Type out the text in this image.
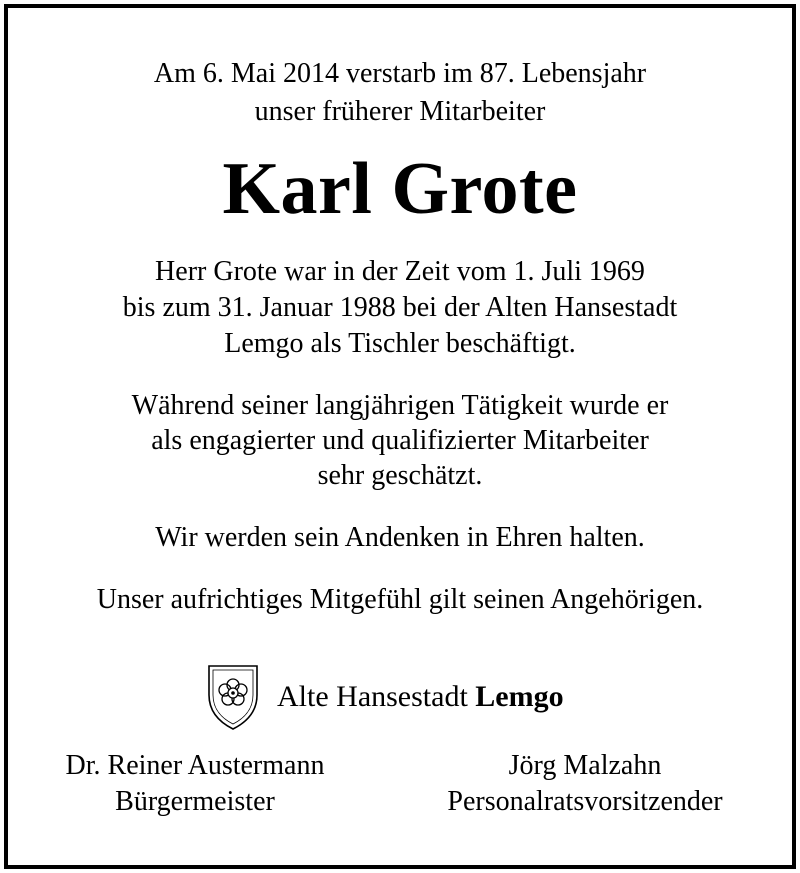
Am 6. Mai 2014 verstarb im 87. Lebensjahr
unser früherer Mitarbeiter
Karl Grote
Herr Grote war in der Zeit vom 1. Juli 1969
bis zum 31. Januar 1988 bei der Alten Hansestadt
Lemgo als Tischler beschäftigt.
Während seiner langjährigen Tätigkeit wurde er
als engagierter und qualifizierter Mitarbeiter
sehr geschätzt.
Wir werden sein Andenken in Ehren halten.
Unser aufrichtiges Mitgefühl gilt seinen Angehörigen.
Alte Hansestadt Lemgo
Dr. Reiner Austermann
Bürgermeister
Jörg Malzahn
Personalratsvorsitzender
